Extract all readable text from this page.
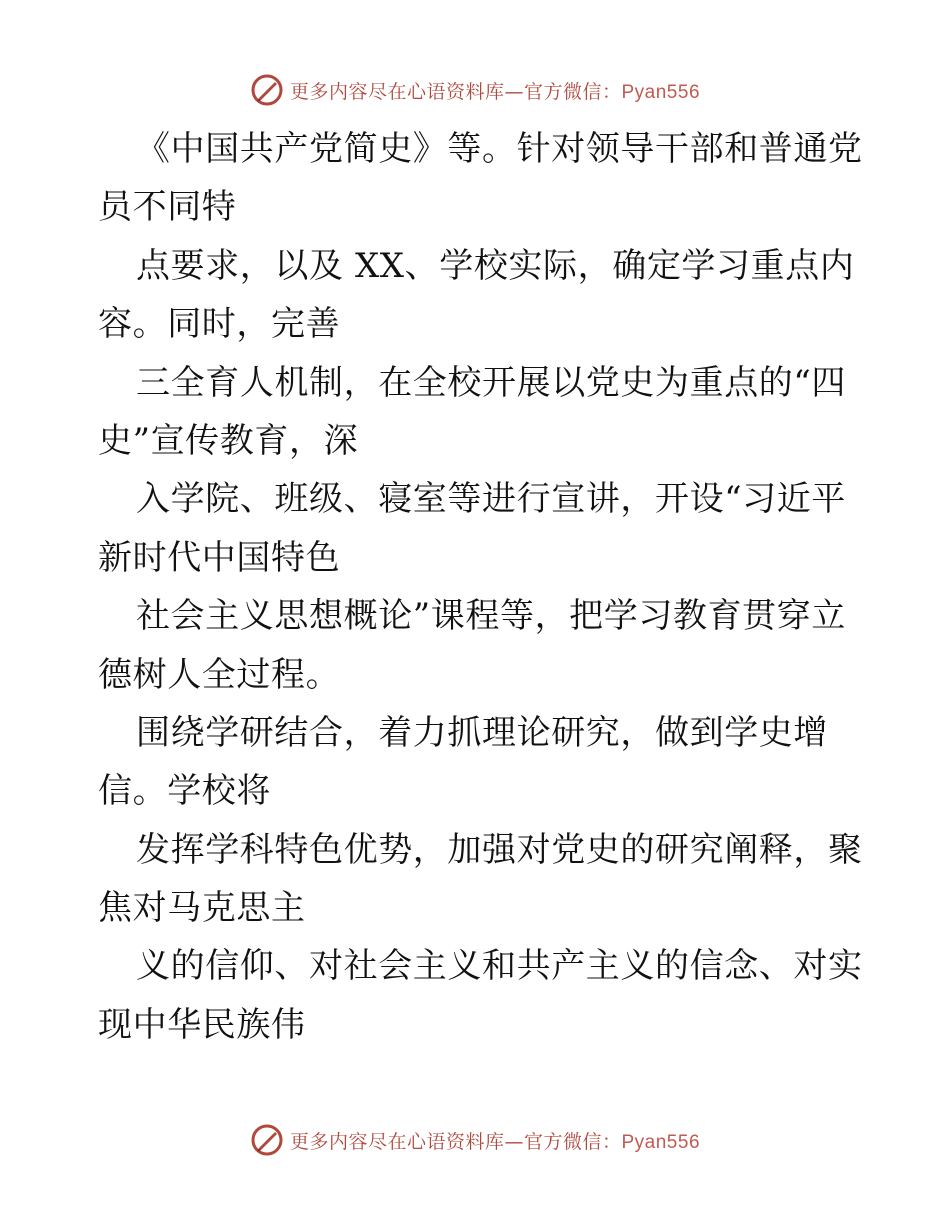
更多内容尽在心语资料库—官方微信：Pyan556
《中国共产党简史》等。针对领导干部和普通党
员不同特
点要求，以及 XX、学校实际，确定学习重点内
容。同时，完善
三全育人机制，在全校开展以党史为重点的“四
史”宣传教育，深
入学院、班级、寝室等进行宣讲，开设“习近平
新时代中国特色
社会主义思想概论”课程等，把学习教育贯穿立
德树人全过程。
围绕学研结合，着力抓理论研究，做到学史增
信。学校将
发挥学科特色优势，加强对党史的研究阐释，聚
焦对马克思主
义的信仰、对社会主义和共产主义的信念、对实
现中华民族伟
更多内容尽在心语资料库—官方微信：Pyan556
